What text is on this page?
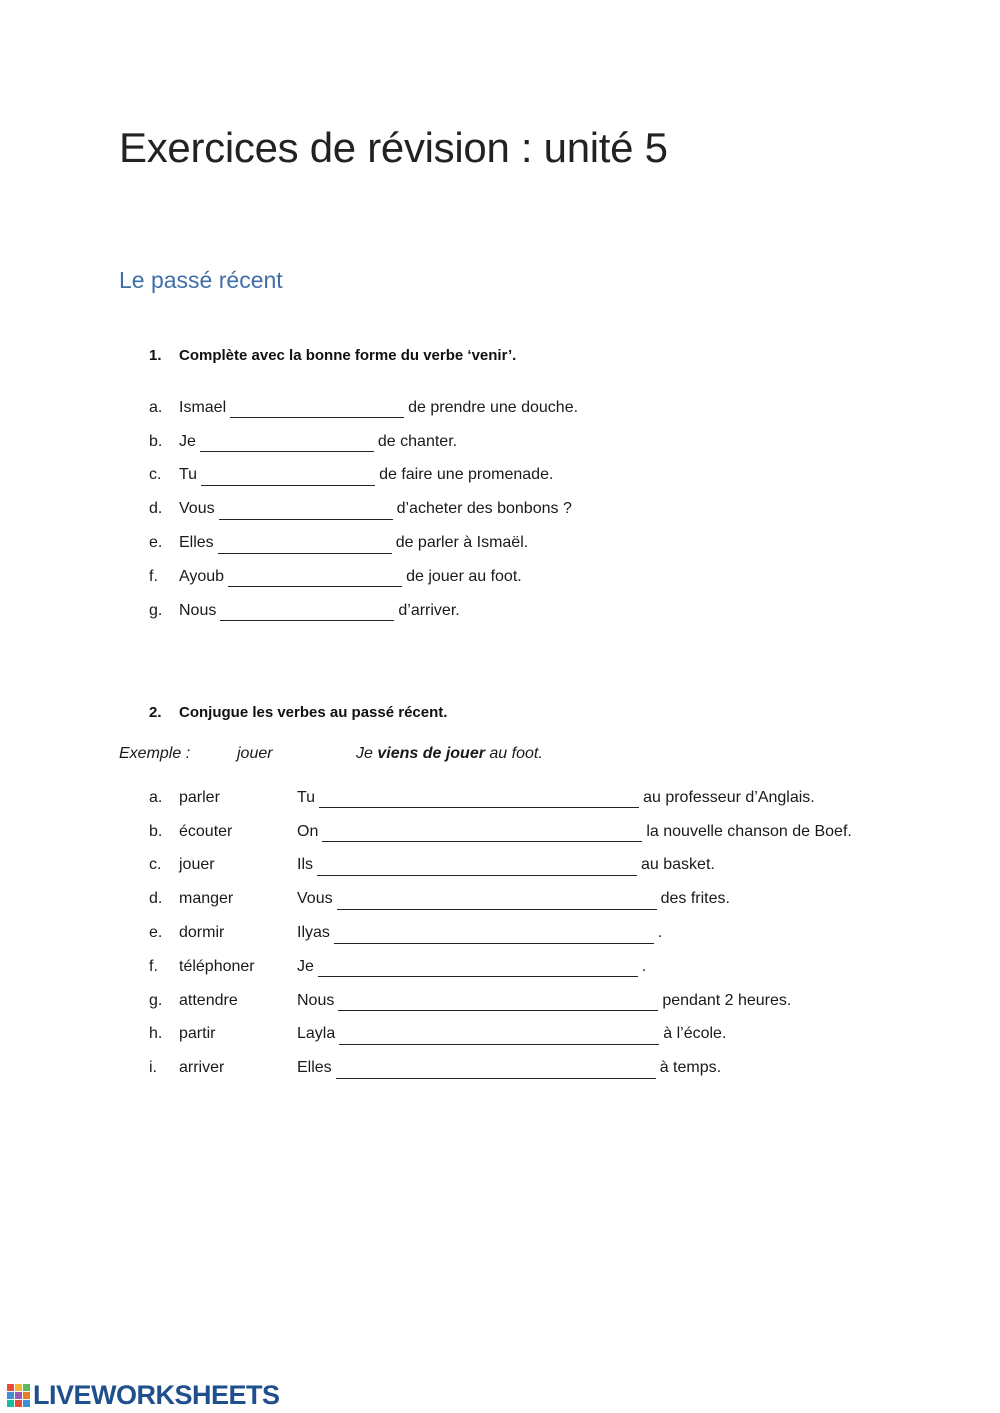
Exercices de révision : unité 5
Le passé récent
1. Complète avec la bonne forme du verbe ‘venir’.
a.	Ismael	de prendre une douche.
b.	Je	de chanter.
c.	Tu	de faire une promenade.
d.	Vous	d’acheter des bonbons ?
e.	Elles	de parler à Ismaël.
f.	Ayoub	de jouer au foot.
g.	Nous	d’arriver.
2. Conjugue les verbes au passé récent.
Exemple :	jouer	Je viens de jouer au foot.
a.	parler	Tu	au professeur d’Anglais.
b.	écouter	On	la nouvelle chanson de Boef.
c.	jouer	Ils	au basket.
d.	manger	Vous	des frites.
e.	dormir	Ilyas	.
f.	téléphoner	Je	.
g.	attendre	Nous	pendant 2 heures.
h.	partir	Layla	à l’école.
i.	arriver	Elles	à temps.
LIVEWORKSHEETS
